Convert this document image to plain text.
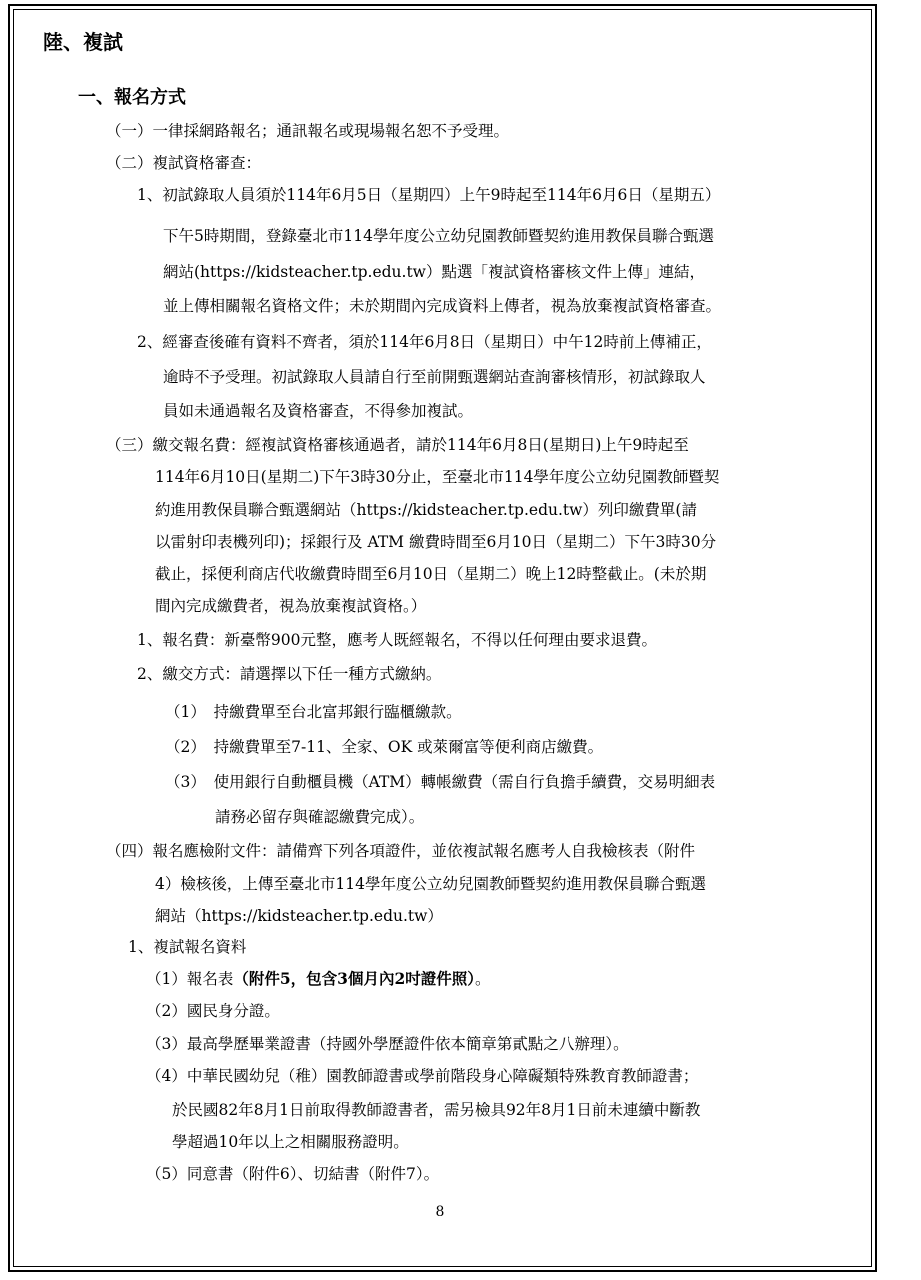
陸、複試
一、報名方式
（一）一律採網路報名；通訊報名或現場報名恕不予受理。
（二）複試資格審查：
1、初試錄取人員須於114年6月5日（星期四）上午9時起至114年6月6日（星期五）
下午5時期間，登錄臺北市114學年度公立幼兒園教師暨契約進用教保員聯合甄選
網站(https://kidsteacher.tp.edu.tw）點選「複試資格審核文件上傳」連結，
並上傳相關報名資格文件；未於期間內完成資料上傳者，視為放棄複試資格審查。
2、經審查後確有資料不齊者，須於114年6月8日（星期日）中午12時前上傳補正，
逾時不予受理。初試錄取人員請自行至前開甄選網站查詢審核情形，初試錄取人
員如未通過報名及資格審查，不得參加複試。
（三）繳交報名費：經複試資格審核通過者，請於114年6月8日(星期日)上午9時起至
114年6月10日(星期二)下午3時30分止，至臺北市114學年度公立幼兒園教師暨契
約進用教保員聯合甄選網站（https://kidsteacher.tp.edu.tw）列印繳費單(請
以雷射印表機列印)；採銀行及 ATM 繳費時間至6月10日（星期二）下午3時30分
截止，採便利商店代收繳費時間至6月10日（星期二）晚上12時整截止。(未於期
間內完成繳費者，視為放棄複試資格。）
1、報名費：新臺幣900元整，應考人既經報名，不得以任何理由要求退費。
2、繳交方式：請選擇以下任一種方式繳納。
（1）　持繳費單至台北富邦銀行臨櫃繳款。
（2）　持繳費單至7-11、全家、OK 或萊爾富等便利商店繳費。
（3）　使用銀行自動櫃員機（ATM）轉帳繳費（需自行負擔手續費，交易明細表
請務必留存與確認繳費完成）。
（四）報名應檢附文件：請備齊下列各項證件，並依複試報名應考人自我檢核表（附件
4）檢核後，上傳至臺北市114學年度公立幼兒園教師暨契約進用教保員聯合甄選
網站（https://kidsteacher.tp.edu.tw）
1、複試報名資料
（1）報名表（附件5，包含3個月內2吋證件照）。
（2）國民身分證。
（3）最高學歷畢業證書（持國外學歷證件依本簡章第貳點之八辦理）。
（4）中華民國幼兒（稚）園教師證書或學前階段身心障礙類特殊教育教師證書；
於民國82年8月1日前取得教師證書者，需另檢具92年8月1日前未連續中斷教
學超過10年以上之相關服務證明。
（5）同意書（附件6）、切結書（附件7）。
8
